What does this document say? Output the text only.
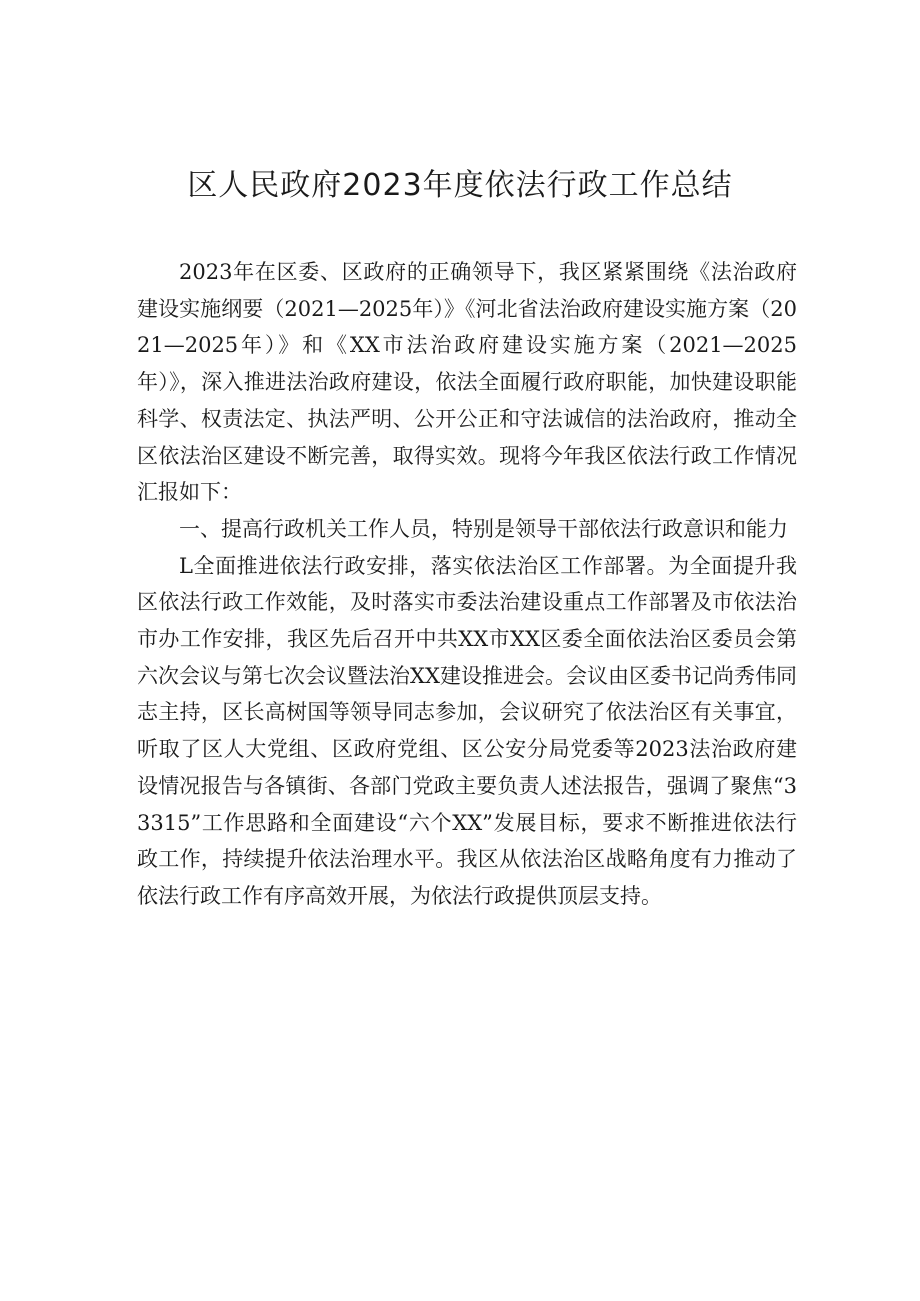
区人民政府2023年度依法行政工作总结

2023年在区委、区政府的正确领导下，我区紧紧围绕《法治政府建设实施纲要（2021—2025年）》《河北省法治政府建设实施方案（2021—2025年）》和《XX市法治政府建设实施方案（2021—2025年）》，深入推进法治政府建设，依法全面履行政府职能，加快建设职能科学、权责法定、执法严明、公开公正和守法诚信的法治政府，推动全区依法治区建设不断完善，取得实效。现将今年我区依法行政工作情况汇报如下：

一、提高行政机关工作人员，特别是领导干部依法行政意识和能力

L全面推进依法行政安排，落实依法治区工作部署。为全面提升我区依法行政工作效能，及时落实市委法治建设重点工作部署及市依法治市办工作安排，我区先后召开中共XX市XX区委全面依法治区委员会第六次会议与第七次会议暨法治XX建设推进会。会议由区委书记尚秀伟同志主持，区长高树国等领导同志参加，会议研究了依法治区有关事宜，听取了区人大党组、区政府党组、区公安分局党委等2023法治政府建设情况报告与各镇街、各部门党政主要负责人述法报告，强调了聚焦“33315”工作思路和全面建设“六个XX”发展目标，要求不断推进依法行政工作，持续提升依法治理水平。我区从依法治区战略角度有力推动了依法行政工作有序高效开展，为依法行政提供顶层支持。
